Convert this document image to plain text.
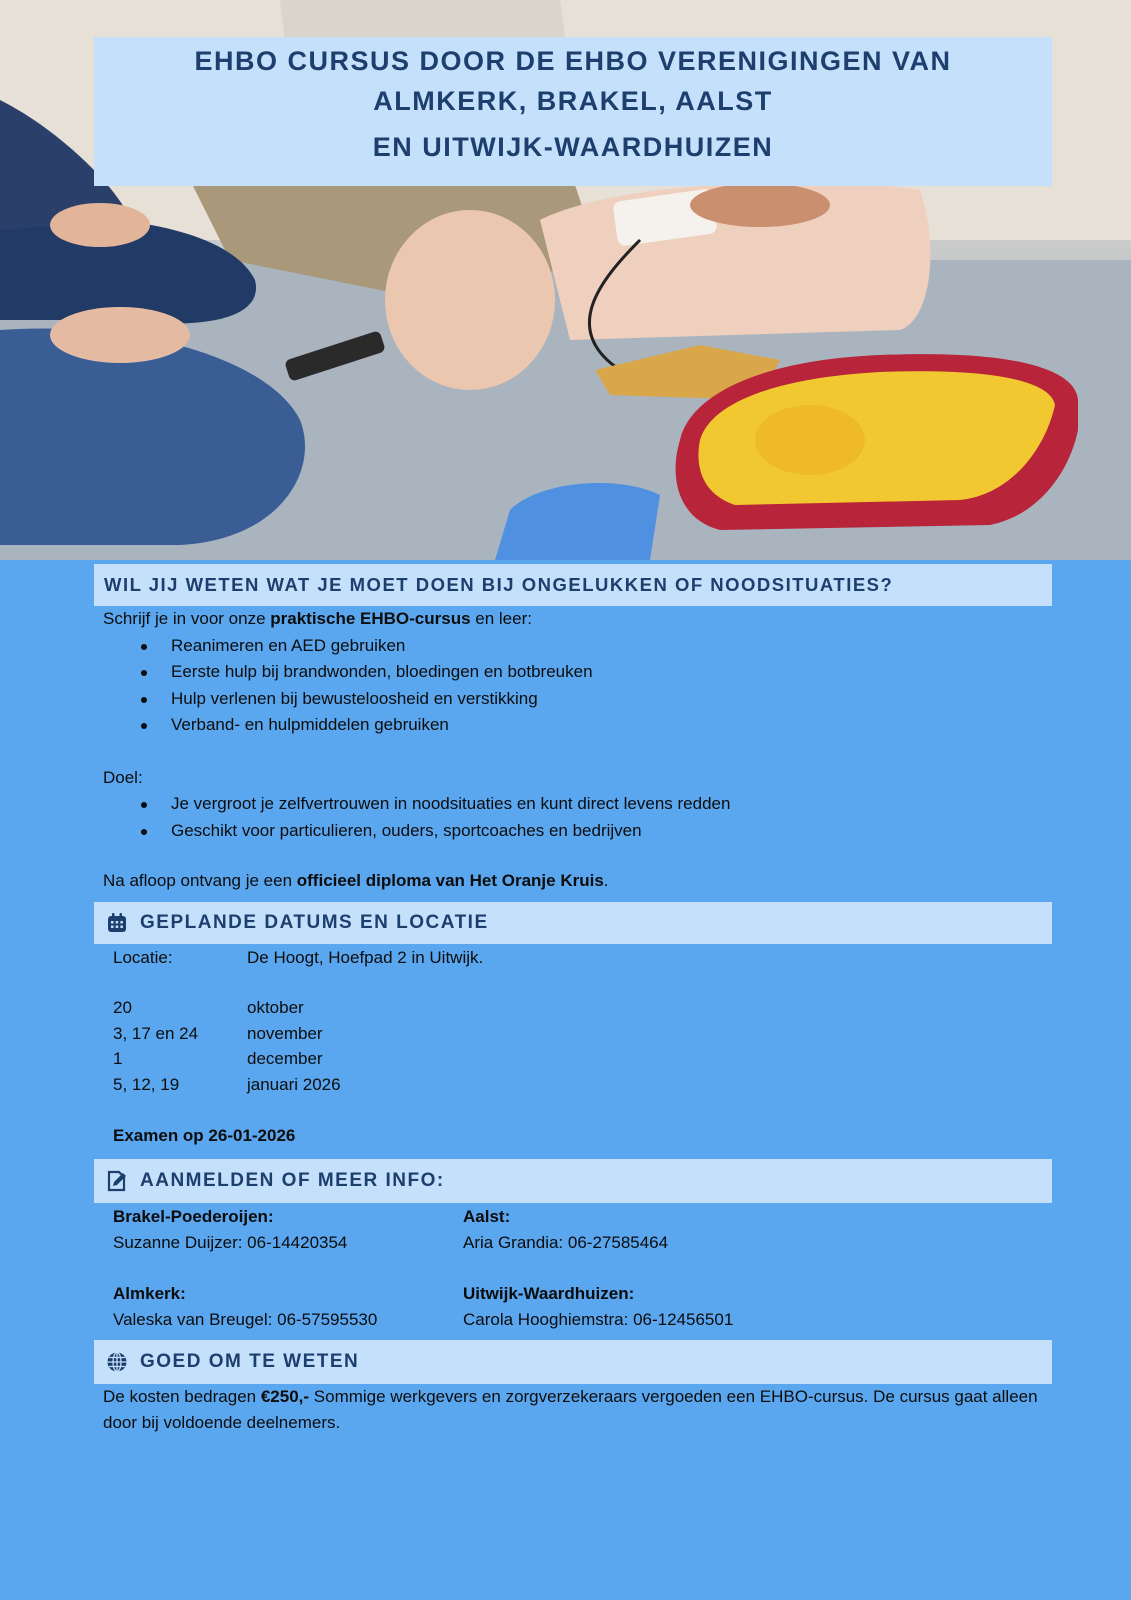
EHBO CURSUS DOOR DE EHBO VERENIGINGEN VAN
ALMKERK, BRAKEL, AALST
EN UITWIJK-WAARDHUIZEN
WIL JIJ WETEN WAT JE MOET DOEN BIJ ONGELUKKEN OF NOODSITUATIES?
Schrijf je in voor onze praktische EHBO-cursus en leer:
Reanimeren en AED gebruiken
Eerste hulp bij brandwonden, bloedingen en botbreuken
Hulp verlenen bij bewusteloosheid en verstikking
Verband- en hulpmiddelen gebruiken
Doel:
Je vergroot je zelfvertrouwen in noodsituaties en kunt direct levens redden
Geschikt voor particulieren, ouders, sportcoaches en bedrijven
Na afloop ontvang je een officieel diploma van Het Oranje Kruis.
GEPLANDE DATUMS EN LOCATIE
Locatie:	De Hoogt, Hoefpad 2 in Uitwijk.
20	oktober
3, 17 en 24	november
1	december
5, 12, 19	januari 2026
Examen op 26-01-2026
AANMELDEN OF MEER INFO:
Brakel-Poederoijen:
Suzanne Duijzer: 06-14420354
Aalst:
Aria Grandia: 06-27585464
Almkerk:
Valeska van Breugel: 06-57595530
Uitwijk-Waardhuizen:
Carola Hooghiemstra: 06-12456501
GOED OM TE WETEN
De kosten bedragen €250,- Sommige werkgevers en zorgverzekeraars vergoeden een EHBO-cursus. De cursus gaat alleen door bij voldoende deelnemers.
